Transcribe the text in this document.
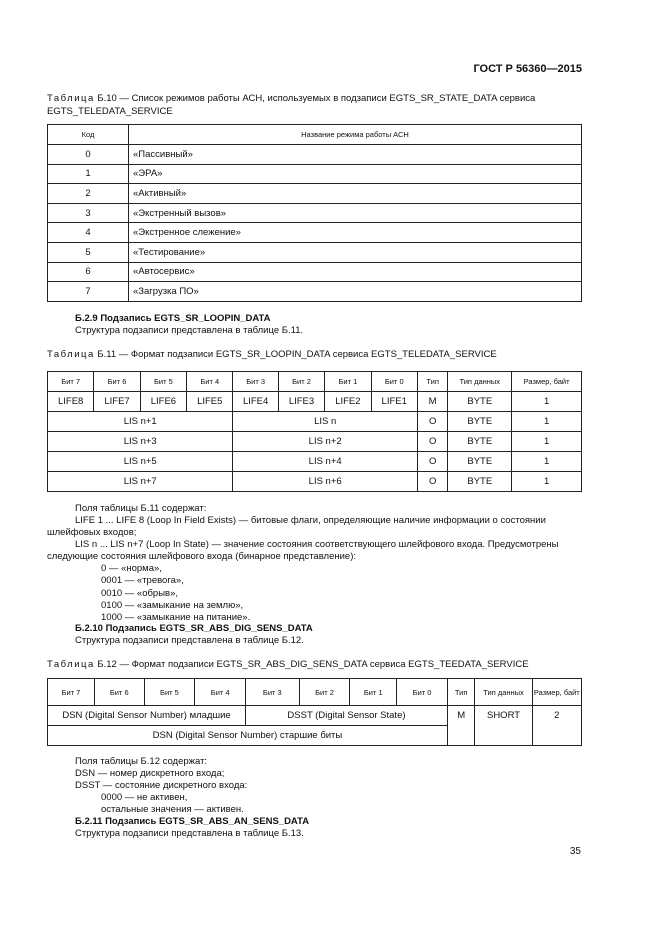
ГОСТ Р 56360—2015
Таблица Б.10 — Список режимов работы АСН, используемых в подзаписи EGTS_SR_STATE_DATA сервиса
EGTS_TELEDATA_SERVICE
Код	Название режима работы АСН
0	«Пассивный»
1	«ЭРА»
2	«Активный»
3	«Экстренный вызов»
4	«Экстренное слежение»
5	«Тестирование»
6	«Автосервис»
7	«Загрузка ПО»
Б.2.9 Подзапись EGTS_SR_LOOPIN_DATA
Структура подзаписи представлена в таблице Б.11.
Таблица Б.11 — Формат подзаписи EGTS_SR_LOOPIN_DATA сервиса EGTS_TELEDATA_SERVICE
Бит 7	Бит 6	Бит 5	Бит 4	Бит 3	Бит 2	Бит 1	Бит 0	Тип	Тип данных	Размер, байт
LIFE8	LIFE7	LIFE6	LIFE5	LIFE4	LIFE3	LIFE2	LIFE1	M	BYTE	1
LIS n+1				LIS n				O	BYTE	1
LIS n+3				LIS n+2				O	BYTE	1
LIS n+5				LIS n+4				O	BYTE	1
LIS n+7				LIS n+6				O	BYTE	1
Поля таблицы Б.11 содержат:
LIFE 1 ... LIFE 8 (Loop In Field Exists) — битовые флаги, определяющие наличие информации о состоянии
шлейфовых входов;
LIS n ... LIS n+7 (Loop In State) — значение состояния соответствующего шлейфового входа. Предусмотрены
следующие состояния шлейфового входа (бинарное представление):
0 — «норма»,
0001 — «тревога»,
0010 — «обрыв»,
0100 — «замыкание на землю»,
1000 — «замыкание на питание».
Б.2.10 Подзапись EGTS_SR_ABS_DIG_SENS_DATA
Структура подзаписи представлена в таблице Б.12.
Таблица Б.12 — Формат подзаписи EGTS_SR_ABS_DIG_SENS_DATA сервиса EGTS_TEEDATA_SERVICE
Бит 7	Бит 6	Бит 5	Бит 4	Бит 3	Бит 2	Бит 1	Бит 0	Тип	Тип данных	Размер, байт
DSN (Digital Sensor Number) младшие				DSST (Digital Sensor State)				M	SHORT	2
DSN (Digital Sensor Number) старшие биты										
Поля таблицы Б.12 содержат:
DSN — номер дискретного входа;
DSST — состояние дискретного входа:
0000 — не активен,
остальные значения — активен.
Б.2.11 Подзапись EGTS_SR_ABS_AN_SENS_DATA
Структура подзаписи представлена в таблице Б.13.
35
